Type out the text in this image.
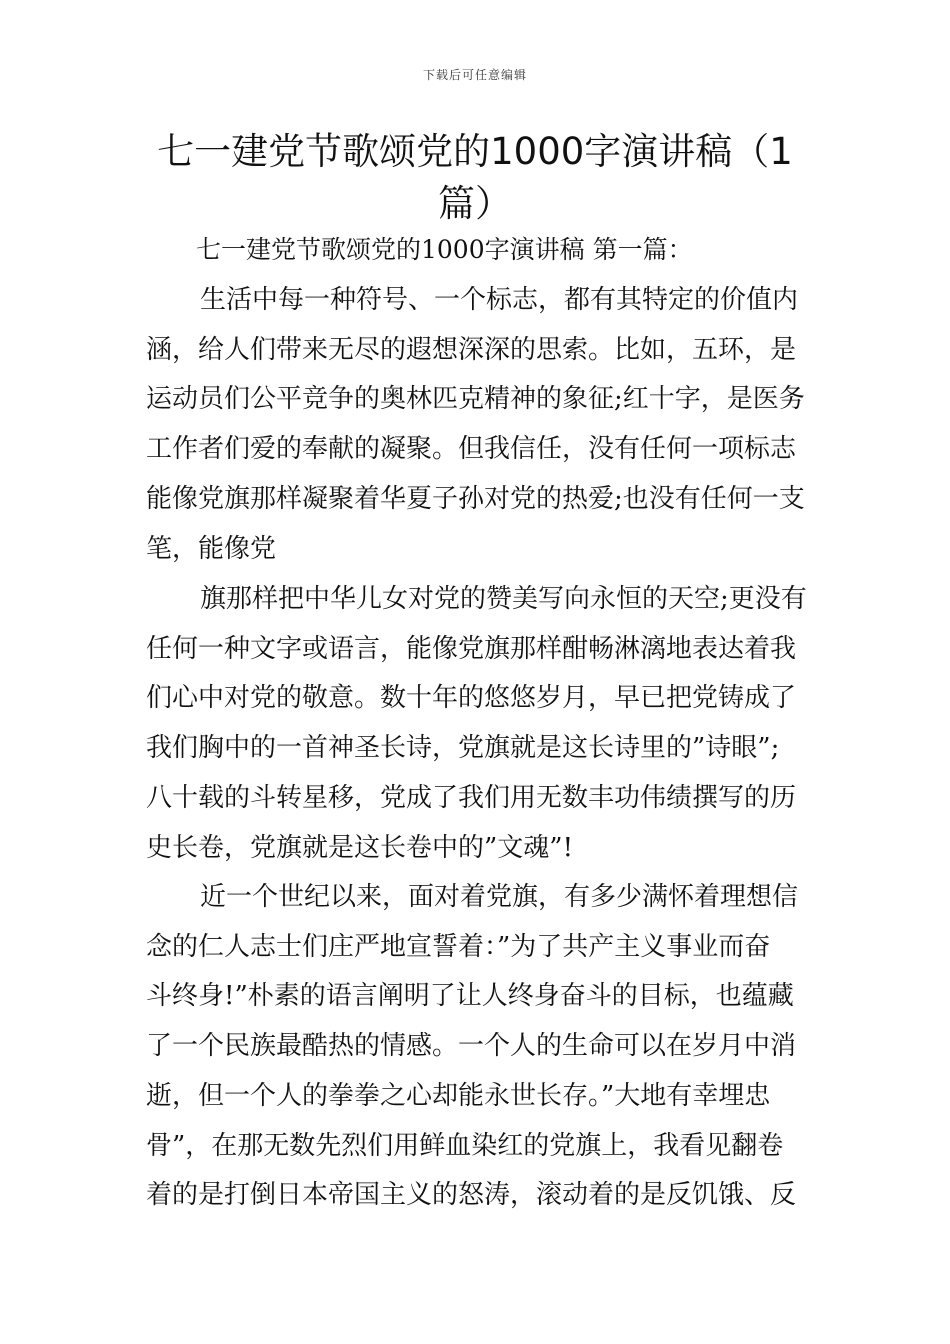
下载后可任意编辑
七一建党节歌颂党的1000字演讲稿（1
篇）
七一建党节歌颂党的1000字演讲稿 第一篇：
生活中每一种符号、一个标志，都有其特定的价值内
涵，给人们带来无尽的遐想深深的思索。比如，五环，是
运动员们公平竞争的奥林匹克精神的象征;红十字，是医务
工作者们爱的奉献的凝聚。但我信任，没有任何一项标志
能像党旗那样凝聚着华夏子孙对党的热爱;也没有任何一支
笔，能像党
旗那样把中华儿女对党的赞美写向永恒的天空;更没有
任何一种文字或语言，能像党旗那样酣畅淋漓地表达着我
们心中对党的敬意。数十年的悠悠岁月，早已把党铸成了
我们胸中的一首神圣长诗，党旗就是这长诗里的”诗眼”;
八十载的斗转星移，党成了我们用无数丰功伟绩撰写的历
史长卷，党旗就是这长卷中的”文魂”!
近一个世纪以来，面对着党旗，有多少满怀着理想信
念的仁人志士们庄严地宣誓着：”为了共产主义事业而奋
斗终身!”朴素的语言阐明了让人终身奋斗的目标，也蕴藏
了一个民族最酷热的情感。一个人的生命可以在岁月中消
逝，但一个人的拳拳之心却能永世长存。”大地有幸埋忠
骨”，在那无数先烈们用鲜血染红的党旗上，我看见翻卷
着的是打倒日本帝国主义的怒涛，滚动着的是反饥饿、反
